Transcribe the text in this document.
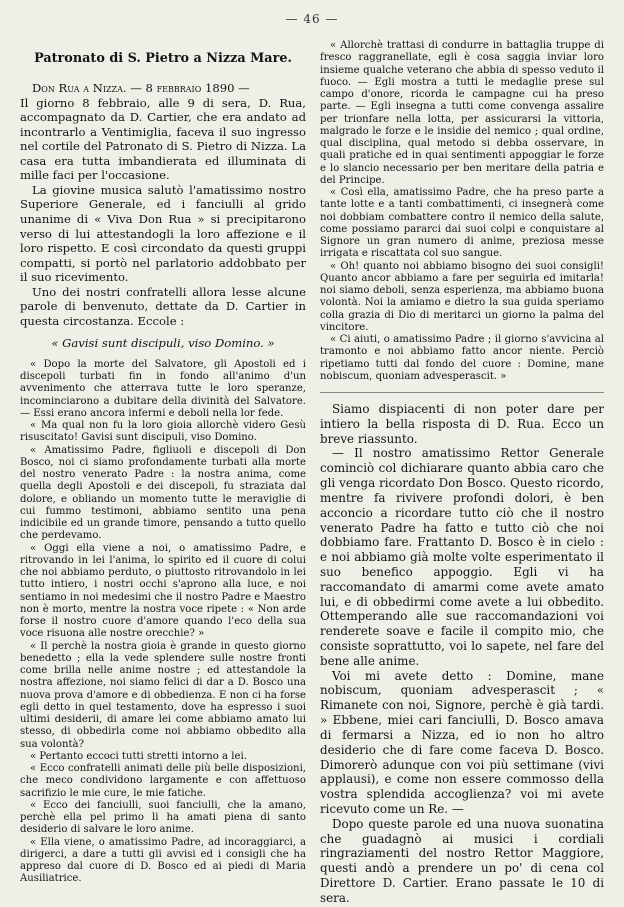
— 46 —

Patronato di S. Pietro a Nizza Mare.

Don Rua a Nizza. — 8 febbraio 1890 —

Il giorno 8 febbraio, alle 9 di sera, D. Rua, accompagnato da D. Cartier, che era andato ad incontrarlo a Ventimiglia, faceva il suo ingresso nel cortile del Patronato di S. Pietro di Nizza. La casa era tutta imbandierata ed illuminata di mille faci per l'occasione.

La giovine musica salutò l'amatissimo nostro Superiore Generale, ed i fanciulli al grido unanime di « Viva Don Rua » si precipitarono verso di lui attestandogli la loro affezione e il loro rispetto. E così circondato da questi gruppi compatti, si portò nel parlatorio addobbato per il suo ricevimento.

Uno dei nostri confratelli allora lesse alcune parole di benvenuto, dettate da D. Cartier in questa circostanza. Eccole :

« Gavisi sunt discipuli, viso Domino. »

« Dopo la morte del Salvatore, gli Apostoli ed i discepoli turbati fin in fondo all'animo d'un avvenimento che atterrava tutte le loro speranze, incominciarono a dubitare della divinità del Salvatore. — Essi erano ancora infermi e deboli nella lor fede.

« Ma qual non fu la loro gioia allorchè videro Gesù risuscitato! Gavisi sunt discipuli, viso Domino.

« Amatissimo Padre, figliuoli e discepoli di Don Bosco, noi ci siamo profondamente turbati alla morte del nostro venerato Padre : la nostra anima, come quella degli Apostoli e dei discepoli, fu straziata dal dolore, e obliando un momento tutte le meraviglie di cui fummo testimoni, abbiamo sentito una pena indicibile ed un grande timore, pensando a tutto quello che perdevamo.

« Oggi ella viene a noi, o amatissimo Padre, e ritrovando in lei l'anima, lo spirito ed il cuore di colui che noi abbiamo perduto, o piuttosto ritrovandolo in lei tutto intiero, i nostri occhi s'aprono alla luce, e noi sentiamo in noi medesimi che il nostro Padre e Maestro non è morto, mentre la nostra voce ripete : « Non arde forse il nostro cuore d'amore quando l'eco della sua voce risuona alle nostre orecchie? »

« Il perchè la nostra gioia è grande in questo giorno benedetto ; ella la vede splendere sulle nostre fronti come brilla nelle anime nostre ; ed attestandole la nostra affezione, noi siamo felici di dar a D. Bosco una nuova prova d'amore e di obbedienza. E non ci ha forse egli detto in quel testamento, dove ha espresso i suoi ultimi desiderii, di amare lei come abbiamo amato lui stesso, di obbedirla come noi abbiamo obbedito alla sua volontà?

« Pertanto eccoci tutti stretti intorno a lei.

« Ecco confratelli animati delle più belle disposizioni, che meco condividono largamente e con affettuoso sacrifizio le mie cure, le mie fatiche.

« Ecco dei fanciulli, suoi fanciulli, che la amano, perchè ella pel primo li ha amati piena di santo desiderio di salvare le loro anime.

« Ella viene, o amatissimo Padre, ad incoraggiarci, a dirigerci, a dare a tutti gli avvisi ed i consigli che ha appreso dal cuore di D. Bosco ed ai piedi di Maria Ausiliatrice.

« Allorchè trattasi di condurre in battaglia truppe di fresco raggranellate, egli è cosa saggia inviar loro insieme qualche veterano che abbia di spesso veduto il fuoco. — Egli mostra a tutti le medaglie prese sul campo d'onore, ricorda le campagne cui ha preso parte. — Egli insegna a tutti come convenga assalire per trionfare nella lotta, per assicurarsi la vittoria, malgrado le forze e le insidie del nemico ; qual ordine, qual disciplina, qual metodo si debba osservare, in quali pratiche ed in quai sentimenti appoggiar le forze e lo slancio necessario per ben meritare della patria e del Principe.

« Così ella, amatissimo Padre, che ha preso parte a tante lotte e a tanti combattimenti, ci insegnerà come noi dobbiam combattere contro il nemico della salute, come possiamo pararci dai suoi colpi e conquistare al Signore un gran numero di anime, preziosa messe irrigata e riscattata col suo sangue.

« Oh! quanto noi abbiamo bisogno dei suoi consigli! Quanto ancor abbiamo a fare per seguirla ed imitarla! noi siamo deboli, senza esperienza, ma abbiamo buona volontà. Noi la amiamo e dietro la sua guida speriamo colla grazia di Dio di meritarci un giorno la palma del vincitore.

« Ci aiuti, o amatissimo Padre ; il giorno s'avvicina al tramonto e noi abbiamo fatto ancor niente. Perciò ripetiamo tutti dal fondo del cuore : Domine, mane nobiscum, quoniam advesperascit. »

Siamo dispiacenti di non poter dare per intiero la bella risposta di D. Rua. Ecco un breve riassunto.

— Il nostro amatissimo Rettor Generale cominciò col dichiarare quanto abbia caro che gli venga ricordato Don Bosco. Questo ricordo, mentre fa rivivere profondi dolori, è ben acconcio a ricordare tutto ciò che il nostro venerato Padre ha fatto e tutto ciò che noi dobbiamo fare. Frattanto D. Bosco è in cielo : e noi abbiamo già molte volte esperimentato il suo benefico appoggio. Egli vi ha raccomandato di amarmi come avete amato lui, e di obbedirmi come avete a lui obbedito. Ottemperando alle sue raccomandazioni voi renderete soave e facile il compito mio, che consiste soprattutto, voi lo sapete, nel fare del bene alle anime.

Voi mi avete detto : Domine, mane nobiscum, quoniam advesperascit ; « Rimanete con noi, Signore, perchè è già tardi. » Ebbene, miei cari fanciulli, D. Bosco amava di fermarsi a Nizza, ed io non ho altro desiderio che di fare come faceva D. Bosco. Dimorerò adunque con voi più settimane (vivi applausi), e come non essere commosso della vostra splendida accoglienza? voi mi avete ricevuto come un Re. —

Dopo queste parole ed una nuova suonatina che guadagnò ai musici i cordiali ringraziamenti del nostro Rettor Maggiore, questi andò a prendere un po' di cena col Direttore D. Cartier. Erano passate le 10 di sera.
